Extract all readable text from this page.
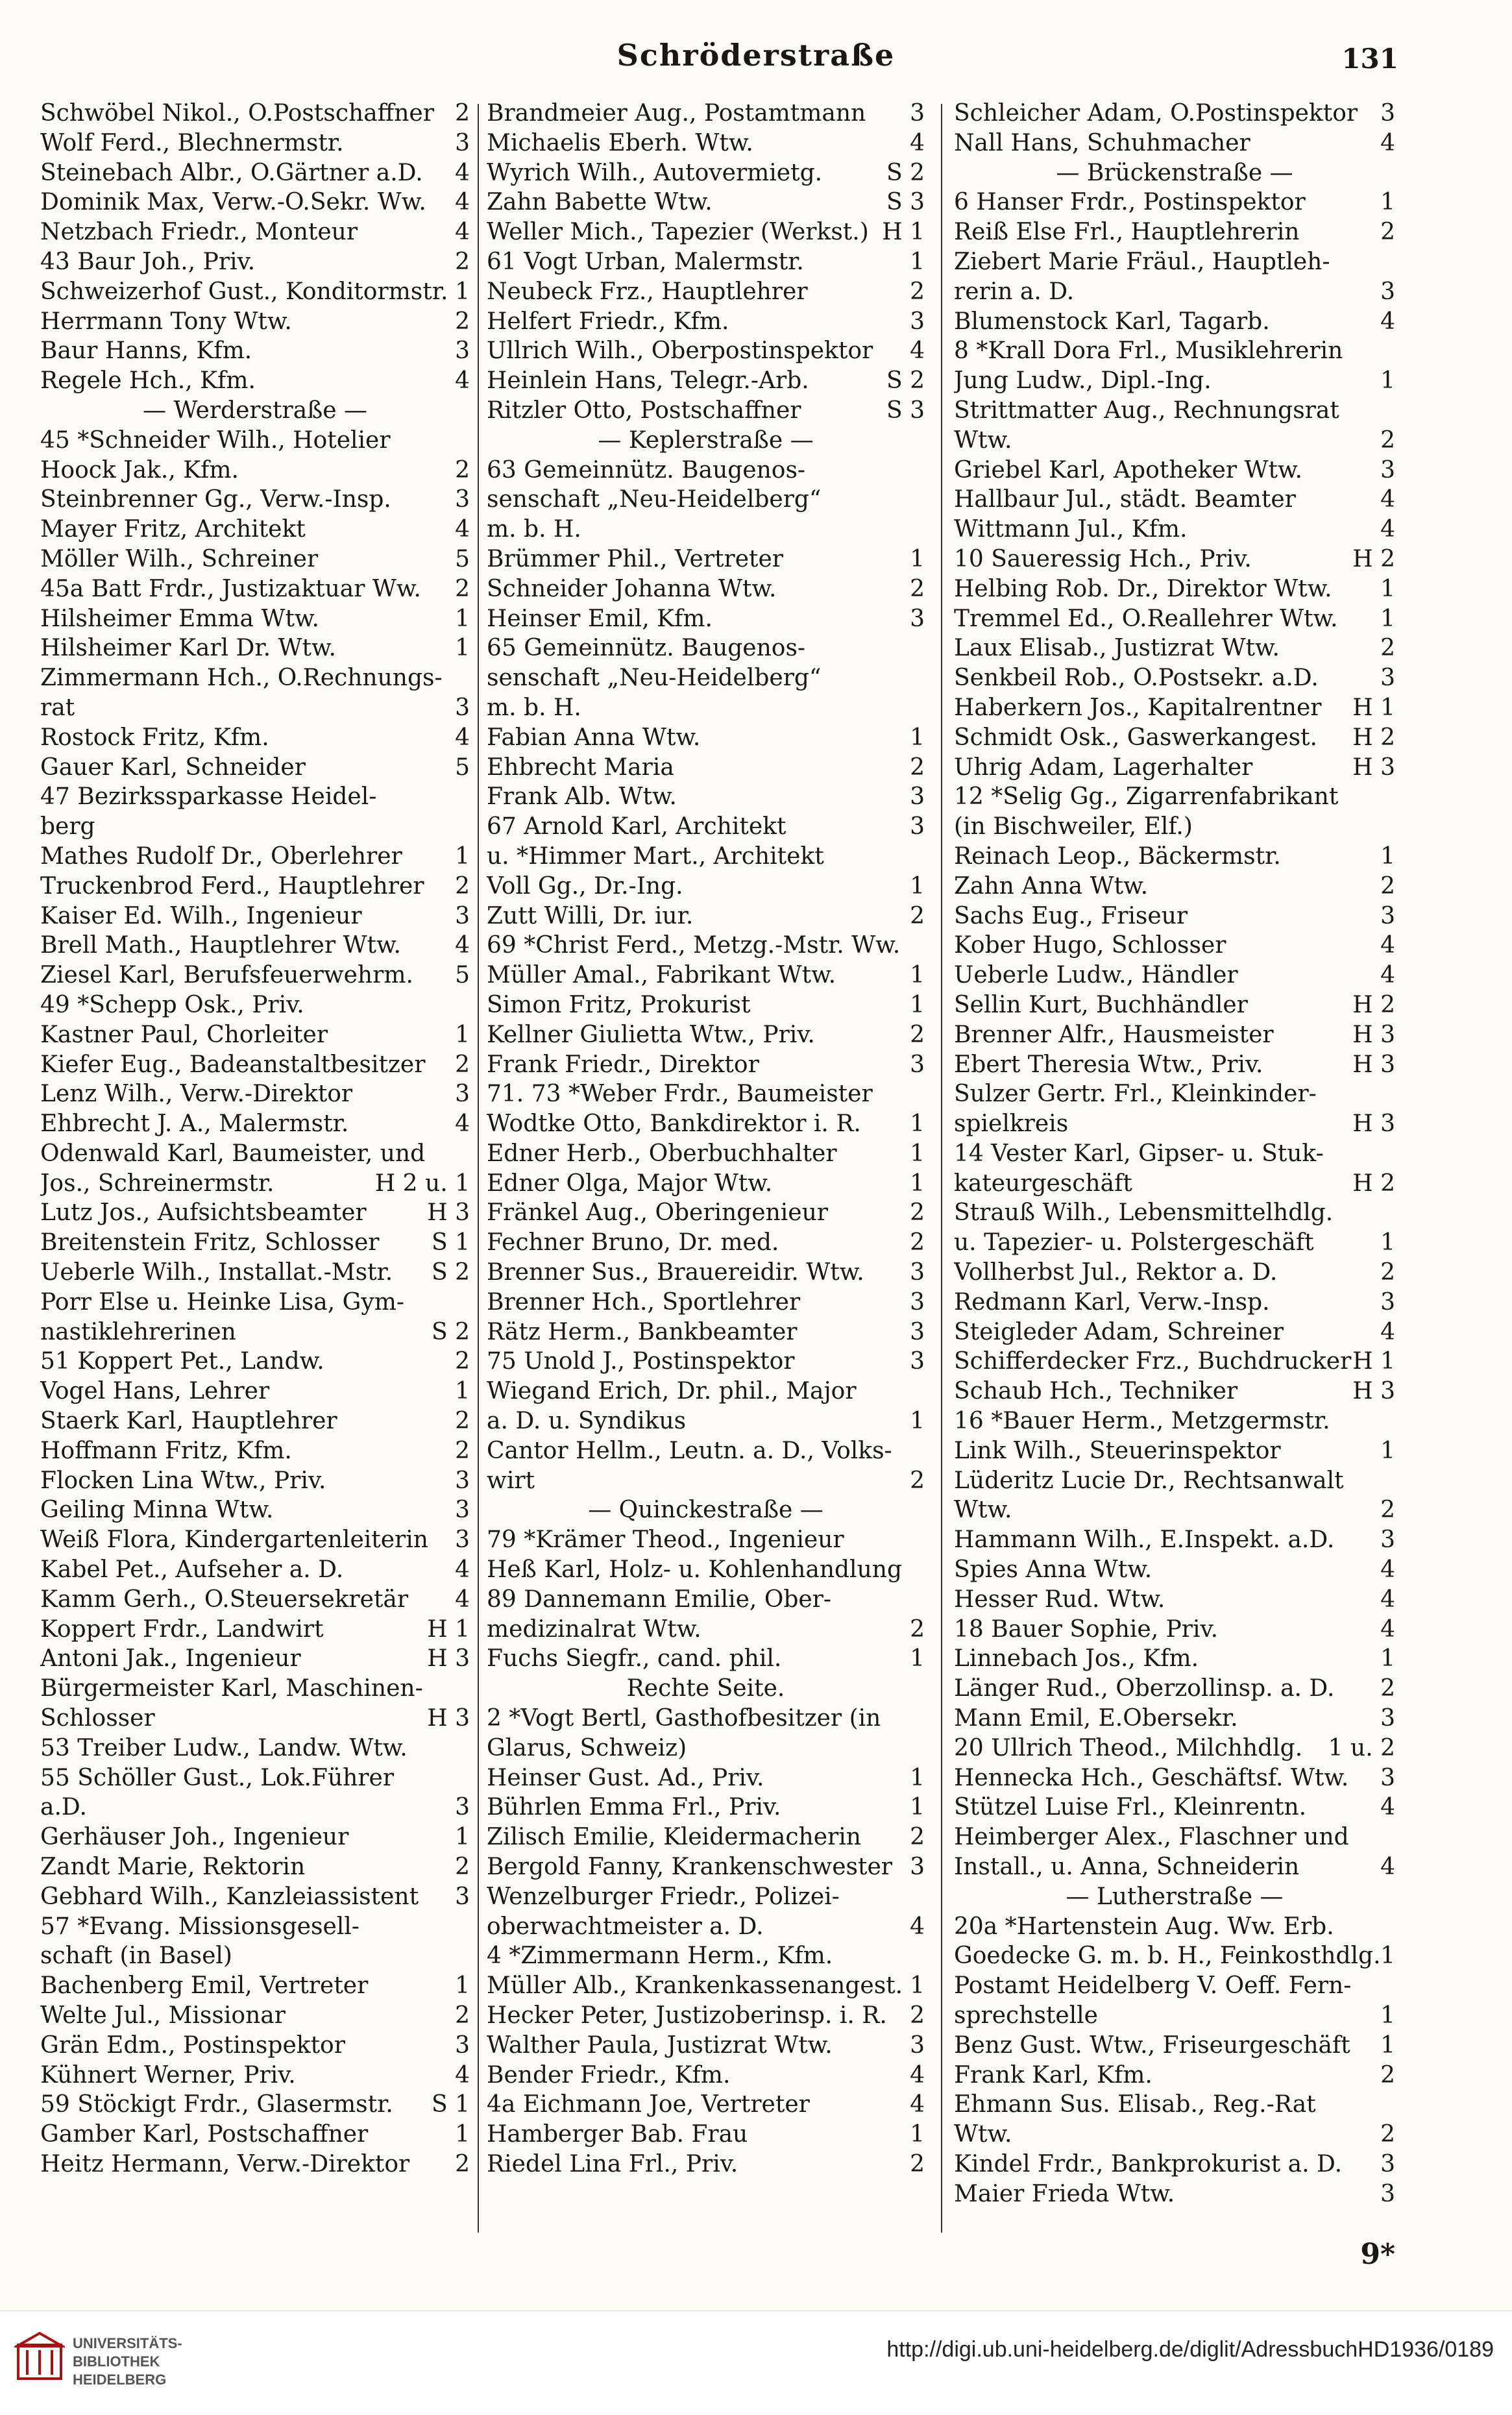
Schröderstraße	131
Schwöbel Nikol., O.Postschaffner 2
Wolf Ferd., Blechnermstr.	3
Steinebach Albr., O.Gärtner a.D.	4
Dominik Max, Verw.-O.Sekr. Ww.	4
Netzbach Friedr., Monteur	4
43 Baur Joh., Priv.	2
Schweizerhof Gust., Konditormstr. 1
Herrmann Tony Wtw.	2
Baur Hanns, Kfm.	3
Regele Hch., Kfm.	4
— Werderstraße —
45 *Schneider Wilh., Hotelier
Hoock Jak., Kfm.	2
Steinbrenner Gg., Verw.-Insp.	3
Mayer Fritz, Architekt	4
Möller Wilh., Schreiner	5
45a Batt Frdr., Justizaktuar Ww.	2
Hilsheimer Emma Wtw.	1
Hilsheimer Karl Dr. Wtw.	1
Zimmermann Hch., O.Rechnungs-
rat	3
Rostock Fritz, Kfm.	4
Gauer Karl, Schneider	5
47 Bezirkssparkasse Heidel-
berg
Mathes Rudolf Dr., Oberlehrer	1
Truckenbrod Ferd., Hauptlehrer	2
Kaiser Ed. Wilh., Ingenieur	3
Brell Math., Hauptlehrer Wtw.	4
Ziesel Karl, Berufsfeuerwehrm.	5
49 *Schepp Osk., Priv.
Kastner Paul, Chorleiter	1
Kiefer Eug., Badeanstaltbesitzer	2
Lenz Wilh., Verw.-Direktor	3
Ehbrecht J. A., Malermstr.	4
Odenwald Karl, Baumeister, und
Jos., Schreinermstr.	H 2 u. 1
Lutz Jos., Aufsichtsbeamter	H 3
Breitenstein Fritz, Schlosser	S 1
Ueberle Wilh., Installat.-Mstr.	S 2
Porr Else u. Heinke Lisa, Gym-
nastiklehrerinen	S 2
51 Koppert Pet., Landw.	2
Vogel Hans, Lehrer	1
Staerk Karl, Hauptlehrer	2
Hoffmann Fritz, Kfm.	2
Flocken Lina Wtw., Priv.	3
Geiling Minna Wtw.	3
Weiß Flora, Kindergartenleiterin	3
Kabel Pet., Aufseher a. D.	4
Kamm Gerh., O.Steuersekretär	4
Koppert Frdr., Landwirt	H 1
Antoni Jak., Ingenieur	H 3
Bürgermeister Karl, Maschinen-
Schlosser	H 3
53 Treiber Ludw., Landw. Wtw.
55 Schöller Gust., Lok.Führer
a.D.	3
Gerhäuser Joh., Ingenieur	1
Zandt Marie, Rektorin	2
Gebhard Wilh., Kanzleiassistent	3
57 *Evang. Missionsgesell-
schaft (in Basel)
Bachenberg Emil, Vertreter	1
Welte Jul., Missionar	2
Grän Edm., Postinspektor	3
Kühnert Werner, Priv.	4
59 Stöckigt Frdr., Glasermstr.	S 1
Gamber Karl, Postschaffner	1
Heitz Hermann, Verw.-Direktor	2
Brandmeier Aug., Postamtmann	3
Michaelis Eberh. Wtw.	4
Wyrich Wilh., Autovermietg.	S 2
Zahn Babette Wtw.	S 3
Weller Mich., Tapezier (Werkst.) H 1
61 Vogt Urban, Malermstr.	1
Neubeck Frz., Hauptlehrer	2
Helfert Friedr., Kfm.	3
Ullrich Wilh., Oberpostinspektor	4
Heinlein Hans, Telegr.-Arb.	S 2
Ritzler Otto, Postschaffner	S 3
— Keplerstraße —
63 Gemeinnütz. Baugenos-
senschaft „Neu-Heidelberg“
m. b. H.
Brümmer Phil., Vertreter	1
Schneider Johanna Wtw.	2
Heinser Emil, Kfm.	3
65 Gemeinnütz. Baugenos-
senschaft „Neu-Heidelberg“
m. b. H.
Fabian Anna Wtw.	1
Ehbrecht Maria	2
Frank Alb. Wtw.	3
67 Arnold Karl, Architekt	3
u. *Himmer Mart., Architekt
Voll Gg., Dr.-Ing.	1
Zutt Willi, Dr. iur.	2
69 *Christ Ferd., Metzg.-Mstr. Ww.
Müller Amal., Fabrikant Wtw.	1
Simon Fritz, Prokurist	1
Kellner Giulietta Wtw., Priv.	2
Frank Friedr., Direktor	3
71. 73 *Weber Frdr., Baumeister
Wodtke Otto, Bankdirektor i. R.	1
Edner Herb., Oberbuchhalter	1
Edner Olga, Major Wtw.	1
Fränkel Aug., Oberingenieur	2
Fechner Bruno, Dr. med.	2
Brenner Sus., Brauereidir. Wtw.	3
Brenner Hch., Sportlehrer	3
Rätz Herm., Bankbeamter	3
75 Unold J., Postinspektor	3
Wiegand Erich, Dr. phil., Major
a. D. u. Syndikus	1
Cantor Hellm., Leutn. a. D., Volks-
wirt	2
— Quinckestraße —
79 *Krämer Theod., Ingenieur
Heß Karl, Holz- u. Kohlenhandlung
89 Dannemann Emilie, Ober-
medizinalrat Wtw.	2
Fuchs Siegfr., cand. phil.	1
Rechte Seite.
2 *Vogt Bertl, Gasthofbesitzer (in
Glarus, Schweiz)
Heinser Gust. Ad., Priv.	1
Bührlen Emma Frl., Priv.	1
Zilisch Emilie, Kleidermacherin	2
Bergold Fanny, Krankenschwester 3
Wenzelburger Friedr., Polizei-
oberwachtmeister a. D.	4
4 *Zimmermann Herm., Kfm.
Müller Alb., Krankenkassenangest. 1
Hecker Peter, Justizoberinsp. i. R. 2
Walther Paula, Justizrat Wtw.	3
Bender Friedr., Kfm.	4
4a Eichmann Joe, Vertreter	4
Hamberger Bab. Frau	1
Riedel Lina Frl., Priv.	2
Schleicher Adam, O.Postinspektor 3
Nall Hans, Schuhmacher	4
— Brückenstraße —
6 Hanser Frdr., Postinspektor	1
Reiß Else Frl., Hauptlehrerin	2
Ziebert Marie Fräul., Hauptleh-
rerin a. D.	3
Blumenstock Karl, Tagarb.	4
8 *Krall Dora Frl., Musiklehrerin
Jung Ludw., Dipl.-Ing.	1
Strittmatter Aug., Rechnungsrat
Wtw.	2
Griebel Karl, Apotheker Wtw.	3
Hallbaur Jul., städt. Beamter	4
Wittmann Jul., Kfm.	4
10 Saueressig Hch., Priv.	H 2
Helbing Rob. Dr., Direktor Wtw.	1
Tremmel Ed., O.Reallehrer Wtw.	1
Laux Elisab., Justizrat Wtw.	2
Senkbeil Rob., O.Postsekr. a.D.	3
Haberkern Jos., Kapitalrentner	H 1
Schmidt Osk., Gaswerkangest.	H 2
Uhrig Adam, Lagerhalter	H 3
12 *Selig Gg., Zigarrenfabrikant
(in Bischweiler, Elf.)
Reinach Leop., Bäckermstr.	1
Zahn Anna Wtw.	2
Sachs Eug., Friseur	3
Kober Hugo, Schlosser	4
Ueberle Ludw., Händler	4
Sellin Kurt, Buchhändler	H 2
Brenner Alfr., Hausmeister	H 3
Ebert Theresia Wtw., Priv.	H 3
Sulzer Gertr. Frl., Kleinkinder-
spielkreis	H 3
14 Vester Karl, Gipser- u. Stuk-
kateurgeschäft	H 2
Strauß Wilh., Lebensmittelhdlg.
u. Tapezier- u. Polstergeschäft	1
Vollherbst Jul., Rektor a. D.	2
Redmann Karl, Verw.-Insp.	3
Steigleder Adam, Schreiner	4
Schifferdecker Frz., Buchdrucker H 1
Schaub Hch., Techniker	H 3
16 *Bauer Herm., Metzgermstr.
Link Wilh., Steuerinspektor	1
Lüderitz Lucie Dr., Rechtsanwalt
Wtw.	2
Hammann Wilh., E.Inspekt. a.D.	3
Spies Anna Wtw.	4
Hesser Rud. Wtw.	4
18 Bauer Sophie, Priv.	4
Linnebach Jos., Kfm.	1
Länger Rud., Oberzollinsp. a. D.	2
Mann Emil, E.Obersekr.	3
20 Ullrich Theod., Milchhdlg.	1 u. 2
Hennecka Hch., Geschäftsf. Wtw.	3
Stützel Luise Frl., Kleinrentn.	4
Heimberger Alex., Flaschner und
Install., u. Anna, Schneiderin	4
— Lutherstraße —
20a *Hartenstein Aug. Ww. Erb.
Goedecke G. m. b. H., Feinkosthdlg. 1
Postamt Heidelberg V. Oeff. Fern-
sprechstelle	1
Benz Gust. Wtw., Friseurgeschäft	1
Frank Karl, Kfm.	2
Ehmann Sus. Elisab., Reg.-Rat
Wtw.	2
Kindel Frdr., Bankprokurist a. D.	3
Maier Frieda Wtw.	3
9*
UNIVERSITÄTS-
BIBLIOTHEK
HEIDELBERG
http://digi.ub.uni-heidelberg.de/diglit/AdressbuchHD1936/0189
